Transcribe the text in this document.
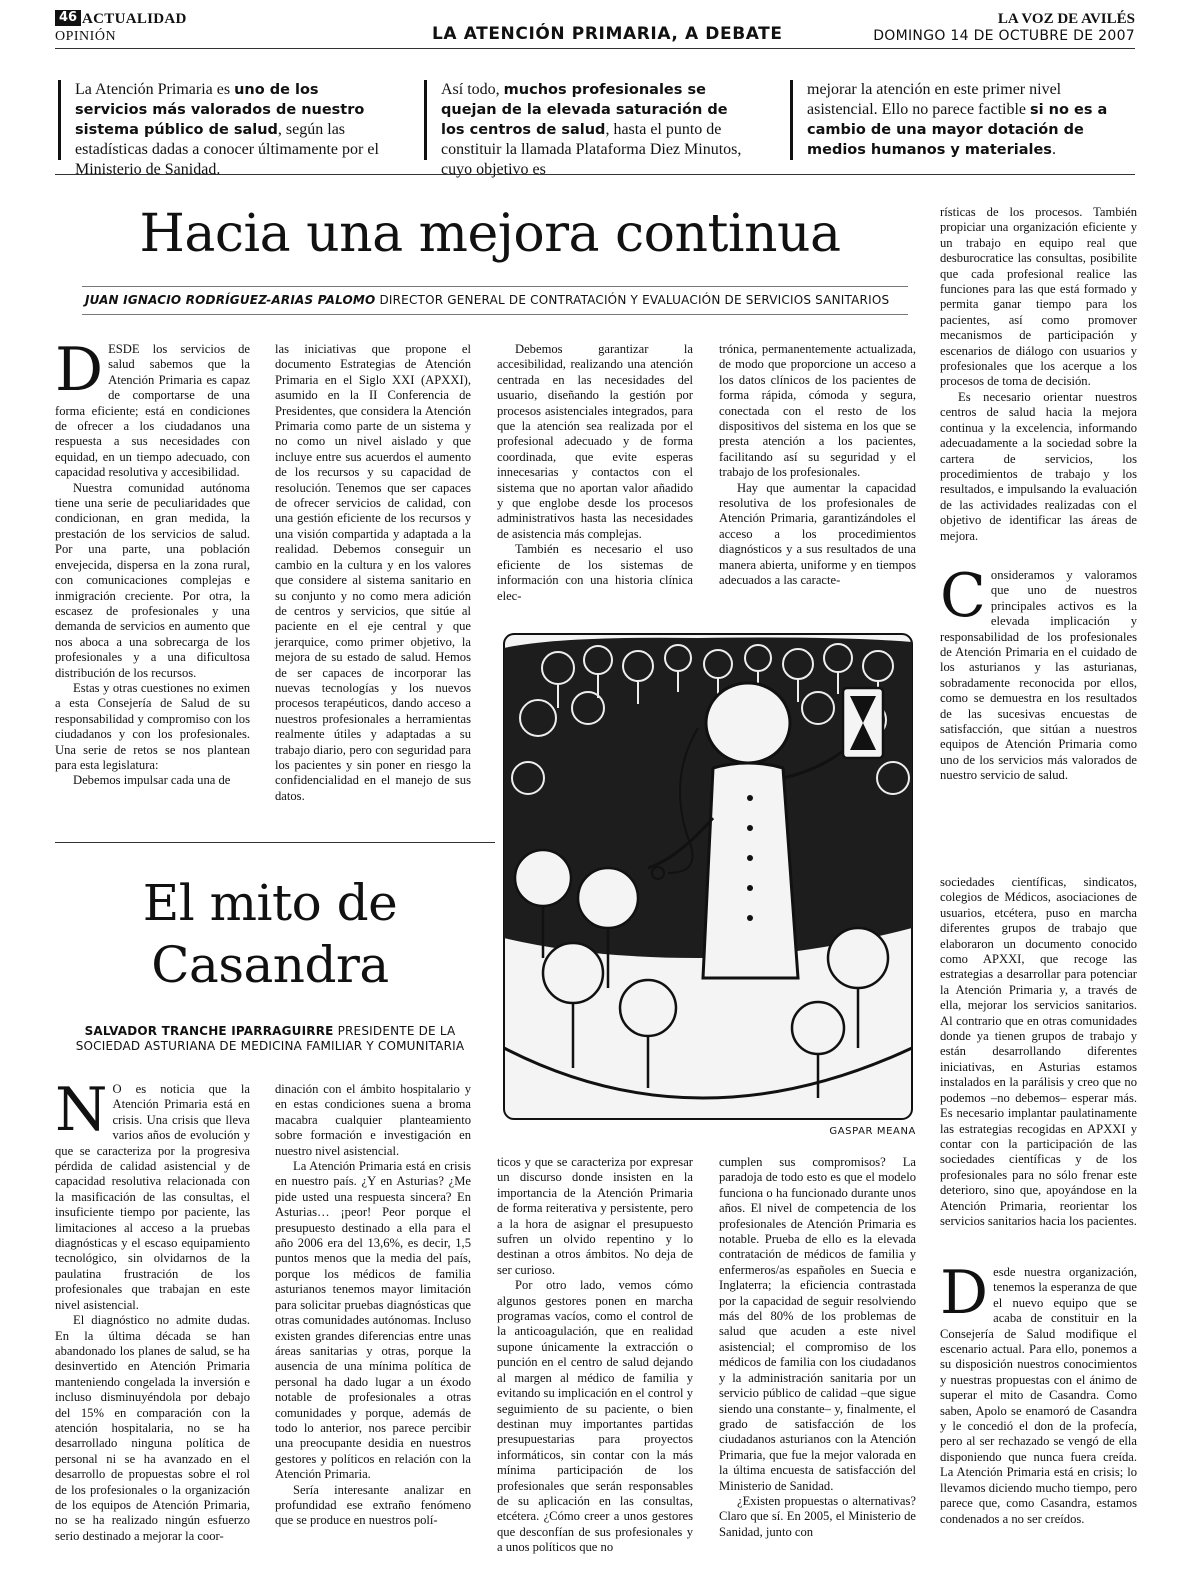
46 ACTUALIDAD
OPINIÓN	LA ATENCIÓN PRIMARIA, A DEBATE
LA VOZ DE AVILÉS
DOMINGO 14 DE OCTUBRE DE 2007
La Atención Primaria es uno de los servicios más valorados de nuestro sistema público de salud, según las estadísticas dadas a conocer últimamente por el Ministerio de Sanidad.
Así todo, muchos profesionales se quejan de la elevada saturación de los centros de salud, hasta el punto de constituir la llamada Plataforma Diez Minutos, cuyo objetivo es
mejorar la atención en este primer nivel asistencial. Ello no parece factible si no es a cambio de una mayor dotación de medios humanos y materiales.
Hacia una mejora continua
JUAN IGNACIO RODRÍGUEZ-ARIAS PALOMO DIRECTOR GENERAL DE CONTRATACIÓN Y EVALUACIÓN DE SERVICIOS SANITARIOS

DESDE los servicios de salud sabemos que la Atención Primaria es capaz de comportarse de una forma eficiente; está en condiciones de ofrecer a los ciudadanos una respuesta a sus necesidades con equidad, en un tiempo adecuado, con capacidad resolutiva y accesibilidad.

Nuestra comunidad autónoma tiene una serie de peculiaridades que condicionan, en gran medida, la prestación de los servicios de salud. Por una parte, una población envejecida, dispersa en la zona rural, con comunicaciones complejas e inmigración creciente. Por otra, la escasez de profesionales y una demanda de servicios en aumento que nos aboca a una sobrecarga de los profesionales y a una dificultosa distribución de los recursos.

Estas y otras cuestiones no eximen a esta Consejería de Salud de su responsabilidad y compromiso con los ciudadanos y con los profesionales. Una serie de retos se nos plantean para esta legislatura:

Debemos impulsar cada una de

las iniciativas que propone el documento Estrategias de Atención Primaria en el Siglo XXI (APXXI), asumido en la II Conferencia de Presidentes, que considera la Atención Primaria como parte de un sistema y no como un nivel aislado y que incluye entre sus acuerdos el aumento de los recursos y su capacidad de resolución. Tenemos que ser capaces de ofrecer servicios de calidad, con una gestión eficiente de los recursos y una visión compartida y adaptada a la realidad. Debemos conseguir un cambio en la cultura y en los valores que considere al sistema sanitario en su conjunto y no como mera adición de centros y servicios, que sitúe al paciente en el eje central y que jerarquice, como primer objetivo, la mejora de su estado de salud. Hemos de ser capaces de incorporar las nuevas tecnologías y los nuevos procesos terapéuticos, dando acceso a nuestros profesionales a herramientas realmente útiles y adaptadas a su trabajo diario, pero con seguridad para los pacientes y sin poner en riesgo la confidencialidad en el manejo de sus datos.

Debemos garantizar la accesibilidad, realizando una atención centrada en las necesidades del usuario, diseñando la gestión por procesos asistenciales integrados, para que la atención sea realizada por el profesional adecuado y de forma coordinada, que evite esperas innecesarias y contactos con el sistema que no aportan valor añadido y que englobe desde los procesos administrativos hasta las necesidades de asistencia más complejas.

También es necesario el uso eficiente de los sistemas de información con una historia clínica elec-

trónica, permanentemente actualizada, de modo que proporcione un acceso a los datos clínicos de los pacientes de forma rápida, cómoda y segura, conectada con el resto de los dispositivos del sistema en los que se presta atención a los pacientes, facilitando así su seguridad y el trabajo de los profesionales.

Hay que aumentar la capacidad resolutiva de los profesionales de Atención Primaria, garantizándoles el acceso a los procedimientos diagnósticos y a sus resultados de una manera abierta, uniforme y en tiempos adecuados a las caracte-

rísticas de los procesos. También propiciar una organización eficiente y un trabajo en equipo real que desburocratice las consultas, posibilite que cada profesional realice las funciones para las que está formado y permita ganar tiempo para los pacientes, así como promover mecanismos de participación y escenarios de diálogo con usuarios y profesionales que los acerque a los procesos de toma de decisión.

Es necesario orientar nuestros centros de salud hacia la mejora continua y la excelencia, informando adecuadamente a la sociedad sobre la cartera de servicios, los procedimientos de trabajo y los resultados, e impulsando la evaluación de las actividades realizadas con el objetivo de identificar las áreas de mejora.

Consideramos y valoramos que uno de nuestros principales activos es la elevada implicación y responsabilidad de los profesionales de Atención Primaria en el cuidado de los asturianos y las asturianas, sobradamente reconocida por ellos, como se demuestra en los resultados de las sucesivas encuestas de satisfacción, que sitúan a nuestros equipos de Atención Primaria como uno de los servicios más valorados de nuestro servicio de salud.

GASPAR MEANA
El mito de
Casandra
SALVADOR TRANCHE IPARRAGUIRRE PRESIDENTE DE LA SOCIEDAD ASTURIANA DE MEDICINA FAMILIAR Y COMUNITARIA

N O es noticia que la Atención Primaria está en crisis. Una crisis que lleva varios años de evolución y que se caracteriza por la progresiva pérdida de calidad asistencial y de capacidad resolutiva relacionada con la masificación de las consultas, el insuficiente tiempo por paciente, las limitaciones al acceso a la pruebas diagnósticas y el escaso equipamiento tecnológico, sin olvidarnos de la paulatina frustración de los profesionales que trabajan en este nivel asistencial.

El diagnóstico no admite dudas. En la última década se han abandonado los planes de salud, se ha desinvertido en Atención Primaria manteniendo congelada la inversión e incluso disminuyéndola por debajo del 15% en comparación con la atención hospitalaria, no se ha desarrollado ninguna política de personal ni se ha avanzado en el desarrollo de propuestas sobre el rol de los profesionales o la organización de los equipos de Atención Primaria, no se ha realizado ningún esfuerzo serio destinado a mejorar la coor-

dinación con el ámbito hospitalario y en estas condiciones suena a broma macabra cualquier planteamiento sobre formación e investigación en nuestro nivel asistencial.

La Atención Primaria está en crisis en nuestro país. ¿Y en Asturias? ¿Me pide usted una respuesta sincera? En Asturias… ¡peor! Peor porque el presupuesto destinado a ella para el año 2006 era del 13,6%, es decir, 1,5 puntos menos que la media del país, porque los médicos de familia asturianos tenemos mayor limitación para solicitar pruebas diagnósticas que otras comunidades autónomas. Incluso existen grandes diferencias entre unas áreas sanitarias y otras, porque la ausencia de una mínima política de personal ha dado lugar a un éxodo notable de profesionales a otras comunidades y porque, además de todo lo anterior, nos parece percibir una preocupante desidia en nuestros gestores y políticos en relación con la Atención Primaria.

Sería interesante analizar en profundidad ese extraño fenómeno que se produce en nuestros polí-

ticos y que se caracteriza por expresar un discurso donde insisten en la importancia de la Atención Primaria de forma reiterativa y persistente, pero a la hora de asignar el presupuesto sufren un olvido repentino y lo destinan a otros ámbitos. No deja de ser curioso.

Por otro lado, vemos cómo algunos gestores ponen en marcha programas vacíos, como el control de la anticoagulación, que en realidad supone únicamente la extracción o punción en el centro de salud dejando al margen al médico de familia y evitando su implicación en el control y seguimiento de su paciente, o bien destinan muy importantes partidas presupuestarias para proyectos informáticos, sin contar con la más mínima participación de los profesionales que serán responsables de su aplicación en las consultas, etcétera. ¿Cómo creer a unos gestores que desconfían de sus profesionales y a unos políticos que no

cumplen sus compromisos? La paradoja de todo esto es que el modelo funciona o ha funcionado durante unos años. El nivel de competencia de los profesionales de Atención Primaria es notable. Prueba de ello es la elevada contratación de médicos de familia y enfermeros/as españoles en Suecia e Inglaterra; la eficiencia contrastada por la capacidad de seguir resolviendo más del 80% de los problemas de salud que acuden a este nivel asistencial; el compromiso de los médicos de familia con los ciudadanos y la administración sanitaria por un servicio público de calidad –que sigue siendo una constante– y, finalmente, el grado de satisfacción de los ciudadanos asturianos con la Atención Primaria, que fue la mejor valorada en la última encuesta de satisfacción del Ministerio de Sanidad.

¿Existen propuestas o alternativas? Claro que sí. En 2005, el Ministerio de Sanidad, junto con

sociedades científicas, sindicatos, colegios de Médicos, asociaciones de usuarios, etcétera, puso en marcha diferentes grupos de trabajo que elaboraron un documento conocido como APXXI, que recoge las estrategias a desarrollar para potenciar la Atención Primaria y, a través de ella, mejorar los servicios sanitarios. Al contrario que en otras comunidades donde ya tienen grupos de trabajo y están desarrollando diferentes iniciativas, en Asturias estamos instalados en la parálisis y creo que no podemos –no debemos– esperar más. Es necesario implantar paulatinamente las estrategias recogidas en APXXI y contar con la participación de las sociedades científicas y de los profesionales para no sólo frenar este deterioro, sino que, apoyándose en la Atención Primaria, reorientar los servicios sanitarios hacia los pacientes.

Desde nuestra organización, tenemos la esperanza de que el nuevo equipo que se acaba de constituir en la Consejería de Salud modifique el escenario actual. Para ello, ponemos a su disposición nuestros conocimientos y nuestras propuestas con el ánimo de superar el mito de Casandra. Como saben, Apolo se enamoró de Casandra y le concedió el don de la profecía, pero al ser rechazado se vengó de ella disponiendo que nunca fuera creída. La Atención Primaria está en crisis; lo llevamos diciendo mucho tiempo, pero parece que, como Casandra, estamos condenados a no ser creídos.
